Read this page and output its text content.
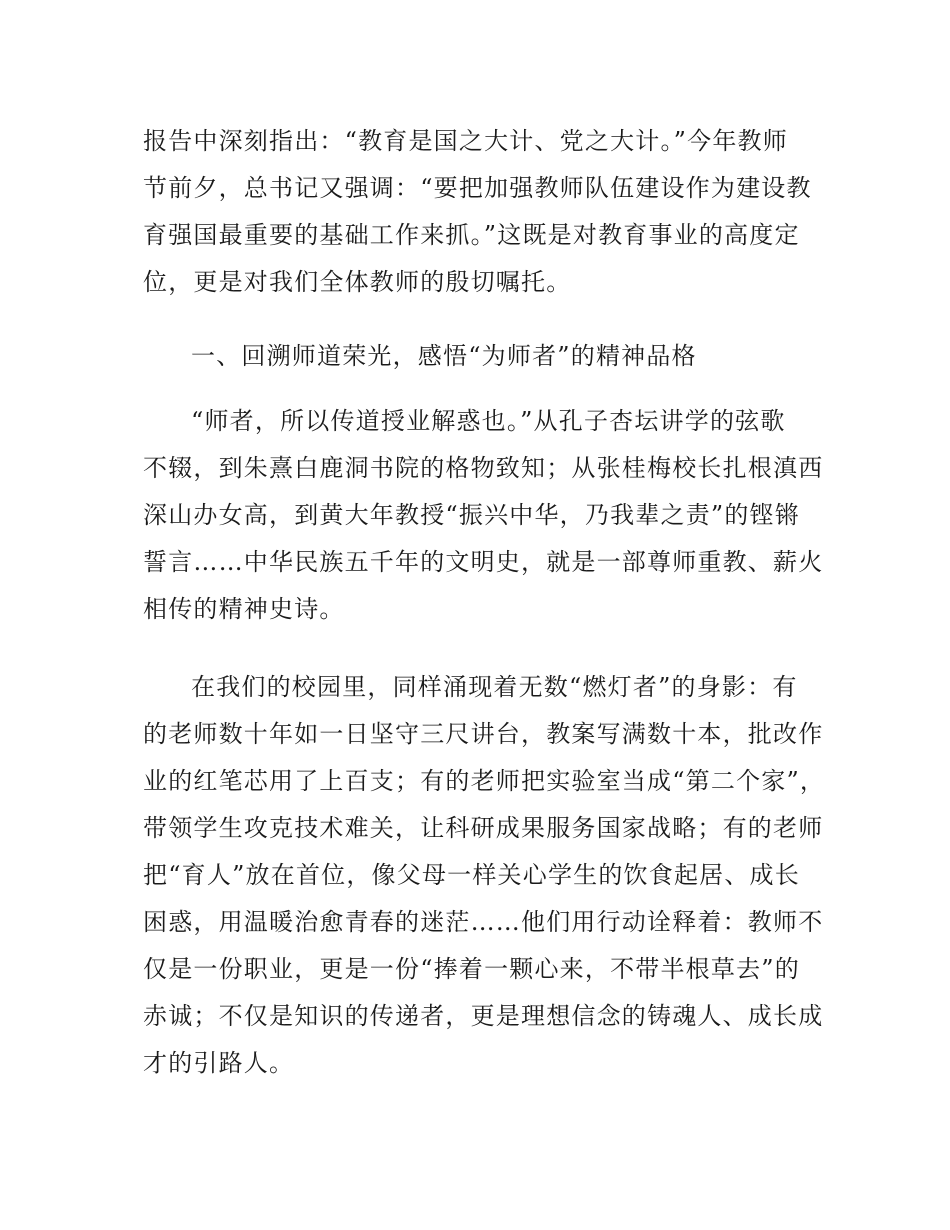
报告中深刻指出：“教育是国之大计、党之大计。”今年教师
节前夕，总书记又强调：“要把加强教师队伍建设作为建设教
育强国最重要的基础工作来抓。”这既是对教育事业的高度定
位，更是对我们全体教师的殷切嘱托。
一、回溯师道荣光，感悟“为师者”的精神品格
“师者，所以传道授业解惑也。”从孔子杏坛讲学的弦歌
不辍，到朱熹白鹿洞书院的格物致知；从张桂梅校长扎根滇西
深山办女高，到黄大年教授“振兴中华，乃我辈之责”的铿锵
誓言……中华民族五千年的文明史，就是一部尊师重教、薪火
相传的精神史诗。
在我们的校园里，同样涌现着无数“燃灯者”的身影：有
的老师数十年如一日坚守三尺讲台，教案写满数十本，批改作
业的红笔芯用了上百支；有的老师把实验室当成“第二个家”，
带领学生攻克技术难关，让科研成果服务国家战略；有的老师
把“育人”放在首位，像父母一样关心学生的饮食起居、成长
困惑，用温暖治愈青春的迷茫……他们用行动诠释着：教师不
仅是一份职业，更是一份“捧着一颗心来，不带半根草去”的
赤诚；不仅是知识的传递者，更是理想信念的铸魂人、成长成
才的引路人。
